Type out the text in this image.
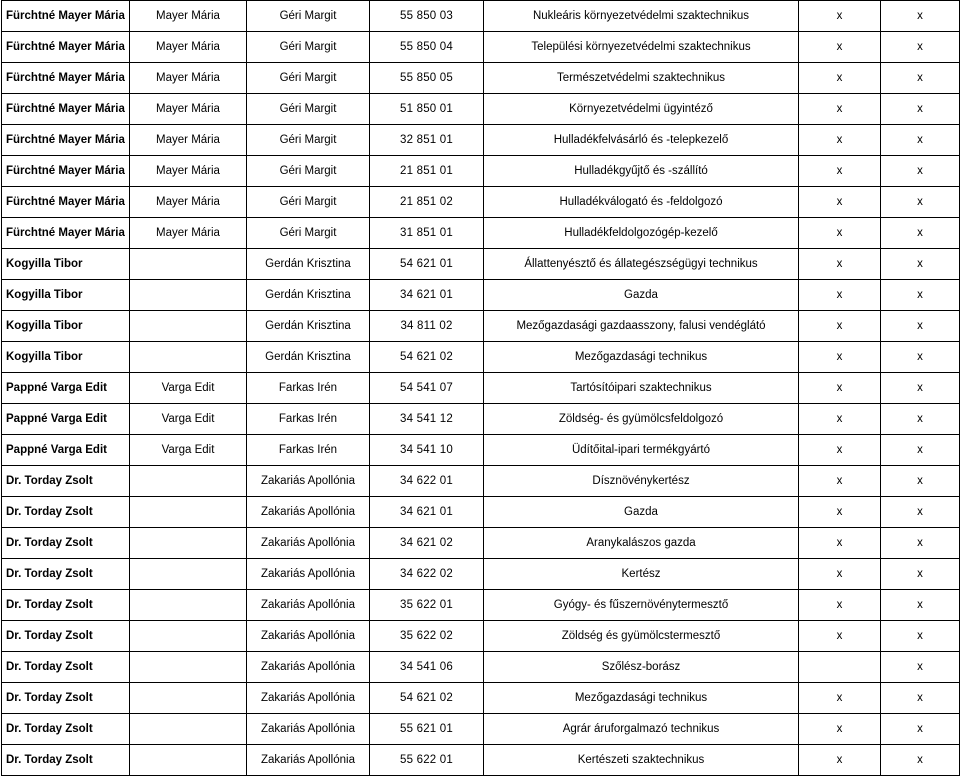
Fürchtné Mayer Mária	Mayer Mária	Géri Margit	55 850 03	Nukleáris környezetvédelmi szaktechnikus	x	x
Fürchtné Mayer Mária	Mayer Mária	Géri Margit	55 850 04	Települési környezetvédelmi szaktechnikus	x	x
Fürchtné Mayer Mária	Mayer Mária	Géri Margit	55 850 05	Természetvédelmi szaktechnikus	x	x
Fürchtné Mayer Mária	Mayer Mária	Géri Margit	51 850 01	Környezetvédelmi ügyintéző	x	x
Fürchtné Mayer Mária	Mayer Mária	Géri Margit	32 851 01	Hulladékfelvásárló és -telepkezelő	x	x
Fürchtné Mayer Mária	Mayer Mária	Géri Margit	21 851 01	Hulladékgyűjtő és -szállító	x	x
Fürchtné Mayer Mária	Mayer Mária	Géri Margit	21 851 02	Hulladékválogató és -feldolgozó	x	x
Fürchtné Mayer Mária	Mayer Mária	Géri Margit	31 851 01	Hulladékfeldolgozógép-kezelő	x	x
Kogyilla Tibor		Gerdán Krisztina	54 621 01	Állattenyésztő és állategészségügyi technikus	x	x
Kogyilla Tibor		Gerdán Krisztina	34 621 01	Gazda	x	x
Kogyilla Tibor		Gerdán Krisztina	34 811 02	Mezőgazdasági gazdaasszony, falusi vendéglátó	x	x
Kogyilla Tibor		Gerdán Krisztina	54 621 02	Mezőgazdasági technikus	x	x
Pappné Varga Edit	Varga Edit	Farkas Irén	54 541 07	Tartósítóipari szaktechnikus	x	x
Pappné Varga Edit	Varga Edit	Farkas Irén	34 541 12	Zöldség- és gyümölcsfeldolgozó	x	x
Pappné Varga Edit	Varga Edit	Farkas Irén	34 541 10	Üdítőital-ipari termékgyártó	x	x
Dr. Torday Zsolt		Zakariás Apollónia	34 622 01	Dísznövénykertész	x	x
Dr. Torday Zsolt		Zakariás Apollónia	34 621 01	Gazda	x	x
Dr. Torday Zsolt		Zakariás Apollónia	34 621 02	Aranykalászos gazda	x	x
Dr. Torday Zsolt		Zakariás Apollónia	34 622 02	Kertész	x	x
Dr. Torday Zsolt		Zakariás Apollónia	35 622 01	Gyógy- és fűszernövénytermesztő	x	x
Dr. Torday Zsolt		Zakariás Apollónia	35 622 02	Zöldség és gyümölcstermesztő	x	x
Dr. Torday Zsolt		Zakariás Apollónia	34 541 06	Szőlész-borász		x
Dr. Torday Zsolt		Zakariás Apollónia	54 621 02	Mezőgazdasági technikus	x	x
Dr. Torday Zsolt		Zakariás Apollónia	55 621 01	Agrár áruforgalmazó technikus	x	x
Dr. Torday Zsolt		Zakariás Apollónia	55 622 01	Kertészeti szaktechnikus	x	x
